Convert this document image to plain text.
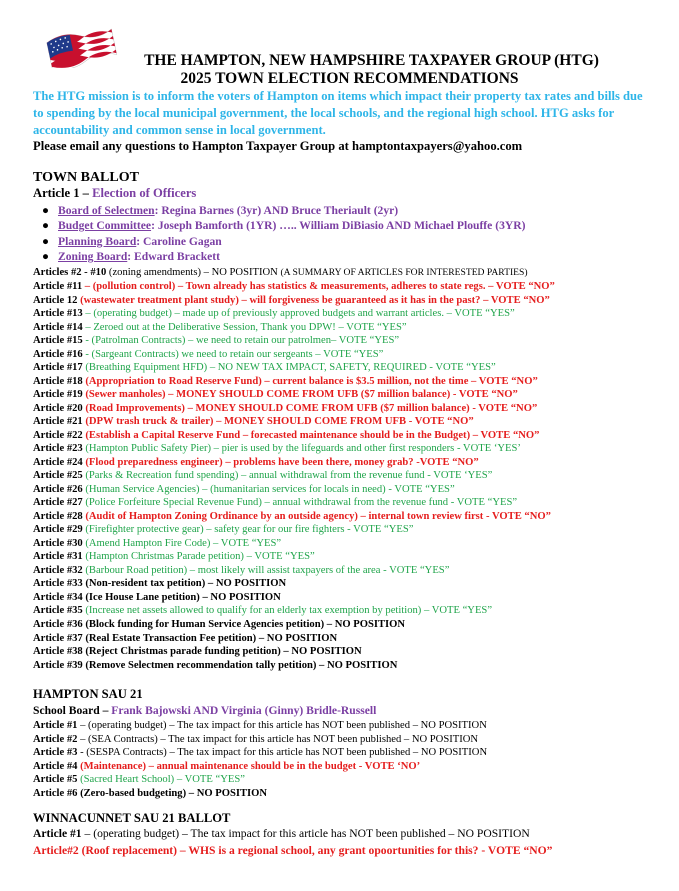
THE HAMPTON, NEW HAMPSHIRE TAXPAYER GROUP (HTG)
2025 TOWN ELECTION RECOMMENDATIONS
The HTG mission is to inform the voters of Hampton on items which impact their property tax rates and bills due to spending by the local municipal government, the local schools, and the regional high school. HTG asks for accountability and common sense in local government.
Please email any questions to Hampton Taxpayer Group at hamptontaxpayers@yahoo.com
TOWN BALLOT
Article 1 – Election of Officers
● Board of Selectmen: Regina Barnes (3yr) AND Bruce Theriault (2yr)
● Budget Committee: Joseph Bamforth (1YR) ….. William DiBiasio AND Michael Plouffe (3YR)
● Planning Board: Caroline Gagan
● Zoning Board: Edward Brackett
Articles #2 - #10 (zoning amendments) – NO POSITION (A SUMMARY OF ARTICLES FOR INTERESTED PARTIES)
Article #11 – (pollution control) – Town already has statistics & measurements, adheres to state regs. – VOTE “NO”
Article 12 (wastewater treatment plant study) – will forgiveness be guaranteed as it has in the past? – VOTE “NO”
Article #13 – (operating budget) – made up of previously approved budgets and warrant articles. – VOTE “YES”
Article #14 – Zeroed out at the Deliberative Session, Thank you DPW! – VOTE “YES”
Article #15 - (Patrolman Contracts) – we need to retain our patrolmen– VOTE “YES”
Article #16 - (Sargeant Contracts) we need to retain our sergeants – VOTE “YES”
Article #17 (Breathing Equipment HFD) – NO NEW TAX IMPACT, SAFETY, REQUIRED - VOTE “YES”
Article #18 (Appropriation to Road Reserve Fund) – current balance is $3.5 million, not the time – VOTE “NO”
Article #19 (Sewer manholes) – MONEY SHOULD COME FROM UFB ($7 million balance) - VOTE “NO”
Article #20 (Road Improvements) – MONEY SHOULD COME FROM UFB ($7 million balance) - VOTE “NO”
Article #21 (DPW trash truck & trailer) – MONEY SHOULD COME FROM UFB - VOTE “NO”
Article #22 (Establish a Capital Reserve Fund – forecasted maintenance should be in the Budget) – VOTE “NO”
Article #23 (Hampton Public Safety Pier) – pier is used by the lifeguards and other first responders - VOTE ‘YES’
Article #24 (Flood preparedness engineer) – problems have been there, money grab? -VOTE “NO”
Article #25 (Parks & Recreation fund spending) – annual withdrawal from the revenue fund - VOTE ‘YES”
Article #26 (Human Service Agencies) – (humanitarian services for locals in need) - VOTE “YES”
Article #27 (Police Forfeiture Special Revenue Fund) – annual withdrawal from the revenue fund - VOTE “YES”
Article #28 (Audit of Hampton Zoning Ordinance by an outside agency) – internal town review first - VOTE “NO”
Article #29 (Firefighter protective gear) – safety gear for our fire fighters - VOTE “YES”
Article #30 (Amend Hampton Fire Code) – VOTE “YES”
Article #31 (Hampton Christmas Parade petition) – VOTE “YES”
Article #32 (Barbour Road petition) – most likely will assist taxpayers of the area - VOTE “YES”
Article #33 (Non-resident tax petition) – NO POSITION
Article #34 (Ice House Lane petition) – NO POSITION
Article #35 (Increase net assets allowed to qualify for an elderly tax exemption by petition) – VOTE “YES”
Article #36 (Block funding for Human Service Agencies petition) – NO POSITION
Article #37 (Real Estate Transaction Fee petition) – NO POSITION
Article #38 (Reject Christmas parade funding petition) – NO POSITION
Article #39 (Remove Selectmen recommendation tally petition) – NO POSITION
HAMPTON SAU 21
School Board – Frank Bajowski AND Virginia (Ginny) Bridle-Russell
Article #1 – (operating budget) – The tax impact for this article has NOT been published – NO POSITION
Article #2 – (SEA Contracts) – The tax impact for this article has NOT been published – NO POSITION
Article #3 - (SESPA Contracts) – The tax impact for this article has NOT been published – NO POSITION
Article #4 (Maintenance) – annual maintenance should be in the budget - VOTE ‘NO’
Article #5 (Sacred Heart School) – VOTE “YES”
Article #6 (Zero-based budgeting) – NO POSITION
WINNACUNNET SAU 21 BALLOT
Article #1 – (operating budget) – The tax impact for this article has NOT been published – NO POSITION
Article#2 (Roof replacement) – WHS is a regional school, any grant opoortunities for this? - VOTE “NO”
